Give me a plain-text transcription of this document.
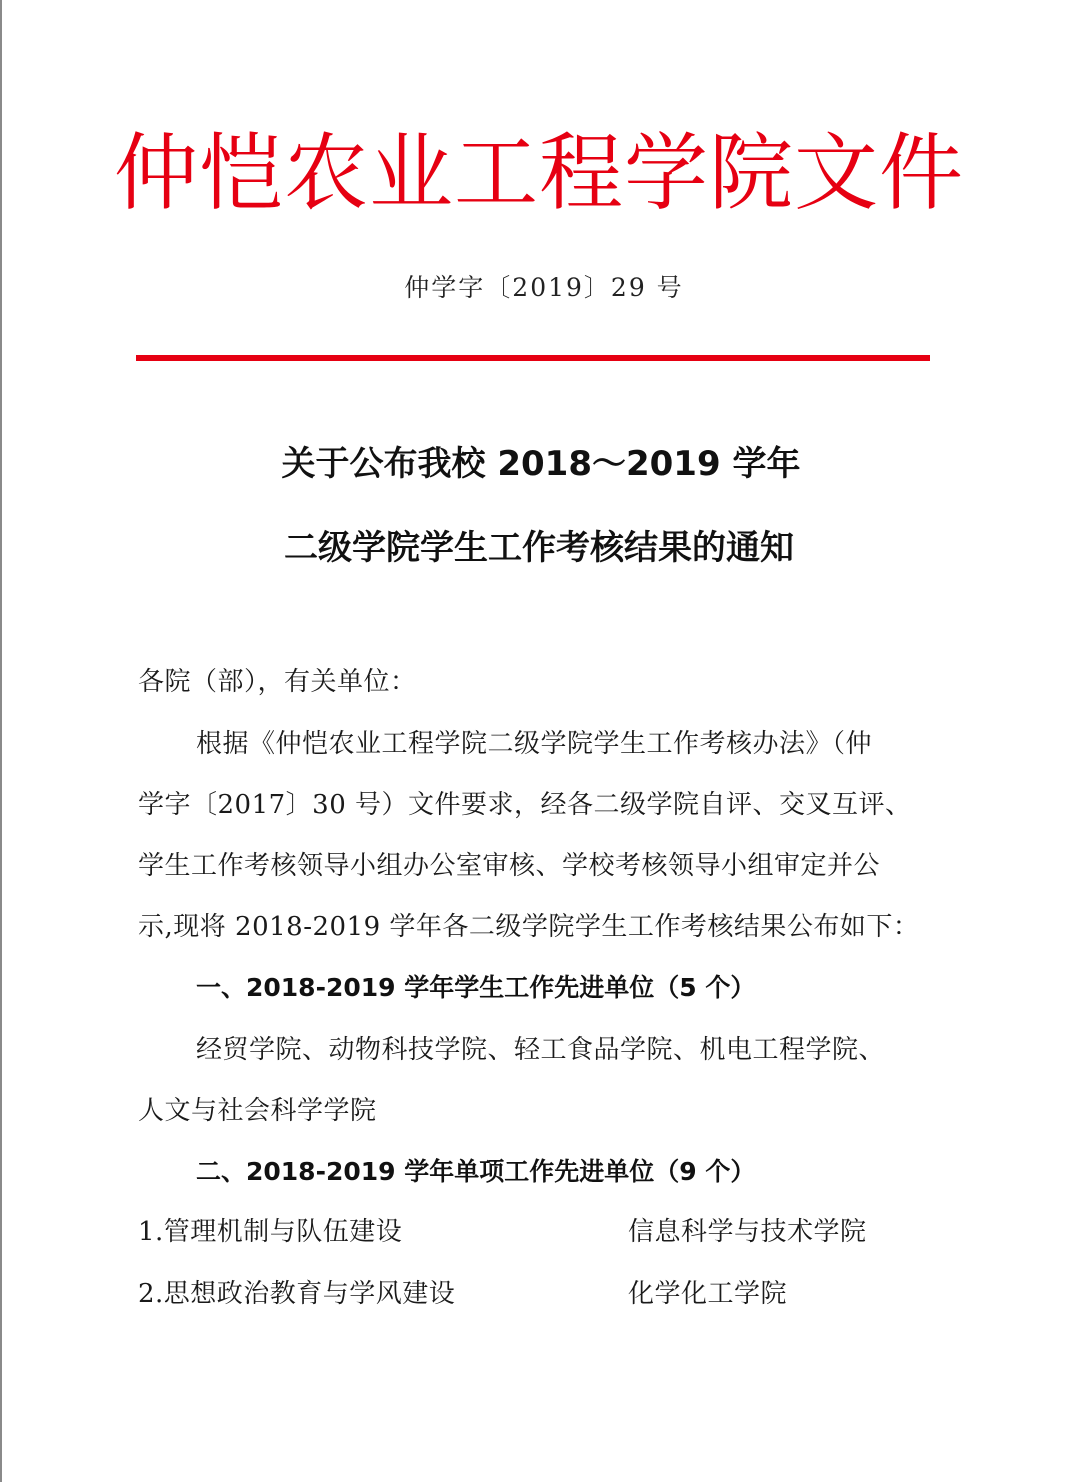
仲恺农业工程学院文件
仲学字〔2019〕29 号
关于公布我校 2018～2019 学年
二级学院学生工作考核结果的通知
各院（部），有关单位：
根据《仲恺农业工程学院二级学院学生工作考核办法》（仲
学字〔2017〕30 号）文件要求，经各二级学院自评、交叉互评、
学生工作考核领导小组办公室审核、学校考核领导小组审定并公
示,现将 2018-2019 学年各二级学院学生工作考核结果公布如下：
一、2018-2019 学年学生工作先进单位（5 个）
经贸学院、动物科技学院、轻工食品学院、机电工程学院、
人文与社会科学学院
二、2018-2019 学年单项工作先进单位（9 个）
1.管理机制与队伍建设	信息科学与技术学院
2.思想政治教育与学风建设	化学化工学院
